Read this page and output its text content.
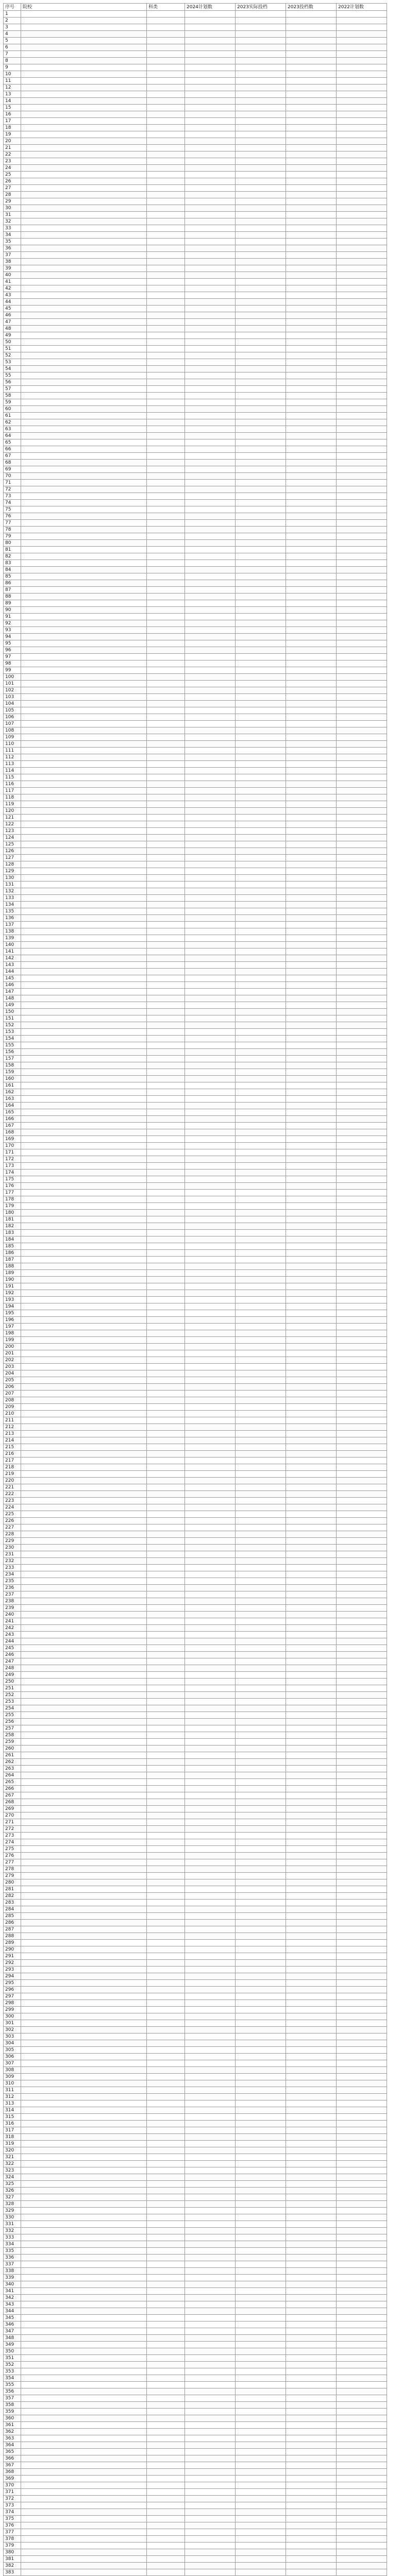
序号	院校	科类	2024计划数	2023实际投档	2023投档数	2022计划数
1						
2						
3						
4						
5						
6						
7						
8						
9						
10						
11						
12						
13						
14						
15						
16						
17						
18						
19						
20						
21						
22						
23						
24						
25						
26						
27						
28						
29						
30						
31						
32						
33						
34						
35						
36						
37						
38						
39						
40						
41						
42						
43						
44						
45						
46						
47						
48						
49						
50						
51						
52						
53						
54						
55						
56						
57						
58						
59						
60						
61						
62						
63						
64						
65						
66						
67						
68						
69						
70						
71						
72						
73						
74						
75						
76						
77						
78						
79						
80						
81						
82						
83						
84						
85						
86						
87						
88						
89						
90						
91						
92						
93						
94						
95						
96						
97						
98						
99						
100						
101						
102						
103						
104						
105						
106						
107						
108						
109						
110						
111						
112						
113						
114						
115						
116						
117						
118						
119						
120						
121						
122						
123						
124						
125						
126						
127						
128						
129						
130						
131						
132						
133						
134						
135						
136						
137						
138						
139						
140						
141						
142						
143						
144						
145						
146						
147						
148						
149						
150						
151						
152						
153						
154						
155						
156						
157						
158						
159						
160						
161						
162						
163						
164						
165						
166						
167						
168						
169						
170						
171						
172						
173						
174						
175						
176						
177						
178						
179						
180						
181						
182						
183						
184						
185						
186						
187						
188						
189						
190						
191						
192						
193						
194						
195						
196						
197						
198						
199						
200						
201						
202						
203						
204						
205						
206						
207						
208						
209						
210						
211						
212						
213						
214						
215						
216						
217						
218						
219						
220						
221						
222						
223						
224						
225						
226						
227						
228						
229						
230						
231						
232						
233						
234						
235						
236						
237						
238						
239						
240						
241						
242						
243						
244						
245						
246						
247						
248						
249						
250						
251						
252						
253						
254						
255						
256						
257						
258						
259						
260						
261						
262						
263						
264						
265						
266						
267						
268						
269						
270						
271						
272						
273						
274						
275						
276						
277						
278						
279						
280						
281						
282						
283						
284						
285						
286						
287						
288						
289						
290						
291						
292						
293						
294						
295						
296						
297						
298						
299						
300						
301						
302						
303						
304						
305						
306						
307						
308						
309						
310						
311						
312						
313						
314						
315						
316						
317						
318						
319						
320						
321						
322						
323						
324						
325						
326						
327						
328						
329						
330						
331						
332						
333						
334						
335						
336						
337						
338						
339						
340						
341						
342						
343						
344						
345						
346						
347						
348						
349						
350						
351						
352						
353						
354						
355						
356						
357						
358						
359						
360						
361						
362						
363						
364						
365						
366						
367						
368						
369						
370						
371						
372						
373						
374						
375						
376						
377						
378						
379						
380						
381						
382						
383						
